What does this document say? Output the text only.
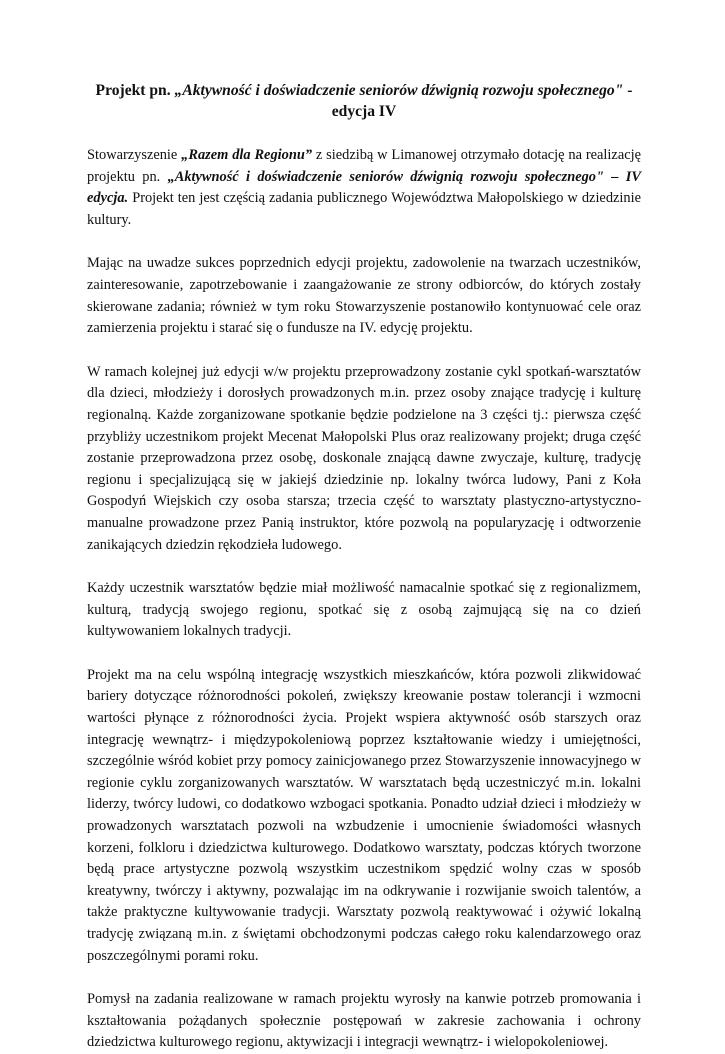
Projekt pn. „Aktywność i doświadczenie seniorów dźwignią rozwoju społecznego" - edycja IV

Stowarzyszenie „Razem dla Regionu” z siedzibą w Limanowej otrzymało dotację na realizację projektu pn. „Aktywność i doświadczenie seniorów dźwignią rozwoju społecznego" – IV edycja. Projekt ten jest częścią zadania publicznego Województwa Małopolskiego w dziedzinie kultury.

Mając na uwadze sukces poprzednich edycji projektu, zadowolenie na twarzach uczestników, zainteresowanie, zapotrzebowanie i zaangażowanie ze strony odbiorców, do których zostały skierowane zadania; również w tym roku Stowarzyszenie postanowiło kontynuować cele oraz zamierzenia projektu i starać się o fundusze na IV. edycję projektu.

W ramach kolejnej już edycji w/w projektu przeprowadzony zostanie cykl spotkań-warsztatów dla dzieci, młodzieży i dorosłych prowadzonych m.in. przez osoby znające tradycję i kulturę regionalną. Każde zorganizowane spotkanie będzie podzielone na 3 części tj.: pierwsza część przybliży uczestnikom projekt Mecenat Małopolski Plus oraz realizowany projekt; druga część zostanie przeprowadzona przez osobę, doskonale znającą dawne zwyczaje, kulturę, tradycję regionu i specjalizującą się w jakiejś dziedzinie np. lokalny twórca ludowy, Pani z Koła Gospodyń Wiejskich czy osoba starsza; trzecia część to warsztaty plastyczno-artystyczno-manualne prowadzone przez Panią instruktor, które pozwolą na popularyzację i odtworzenie zanikających dziedzin rękodzieła ludowego.

Każdy uczestnik warsztatów będzie miał możliwość namacalnie spotkać się z regionalizmem, kulturą, tradycją swojego regionu, spotkać się z osobą zajmującą się na co dzień kultywowaniem lokalnych tradycji.

Projekt ma na celu wspólną integrację wszystkich mieszkańców, która pozwoli zlikwidować bariery dotyczące różnorodności pokoleń, zwiększy kreowanie postaw tolerancji i wzmocni wartości płynące z różnorodności życia. Projekt wspiera aktywność osób starszych oraz integrację wewnątrz- i międzypokoleniową poprzez kształtowanie wiedzy i umiejętności, szczególnie wśród kobiet przy pomocy zainicjowanego przez Stowarzyszenie innowacyjnego w regionie cyklu zorganizowanych warsztatów. W warsztatach będą uczestniczyć m.in. lokalni liderzy, twórcy ludowi, co dodatkowo wzbogaci spotkania. Ponadto udział dzieci i młodzieży w prowadzonych warsztatach pozwoli na wzbudzenie i umocnienie świadomości własnych korzeni, folkloru i dziedzictwa kulturowego. Dodatkowo warsztaty, podczas których tworzone będą prace artystyczne pozwolą wszystkim uczestnikom spędzić wolny czas w sposób kreatywny, twórczy i aktywny, pozwalając im na odkrywanie i rozwijanie swoich talentów, a także praktyczne kultywowanie tradycji. Warsztaty pozwolą reaktywować i ożywić lokalną tradycję związaną m.in. z świętami obchodzonymi podczas całego roku kalendarzowego oraz poszczególnymi porami roku.

Pomysł na zadania realizowane w ramach projektu wyrosły na kanwie potrzeb promowania i kształtowania pożądanych społecznie postępowań w zakresie zachowania i ochrony dziedzictwa kulturowego regionu, aktywizacji i integracji wewnątrz- i wielopokoleniowej.
